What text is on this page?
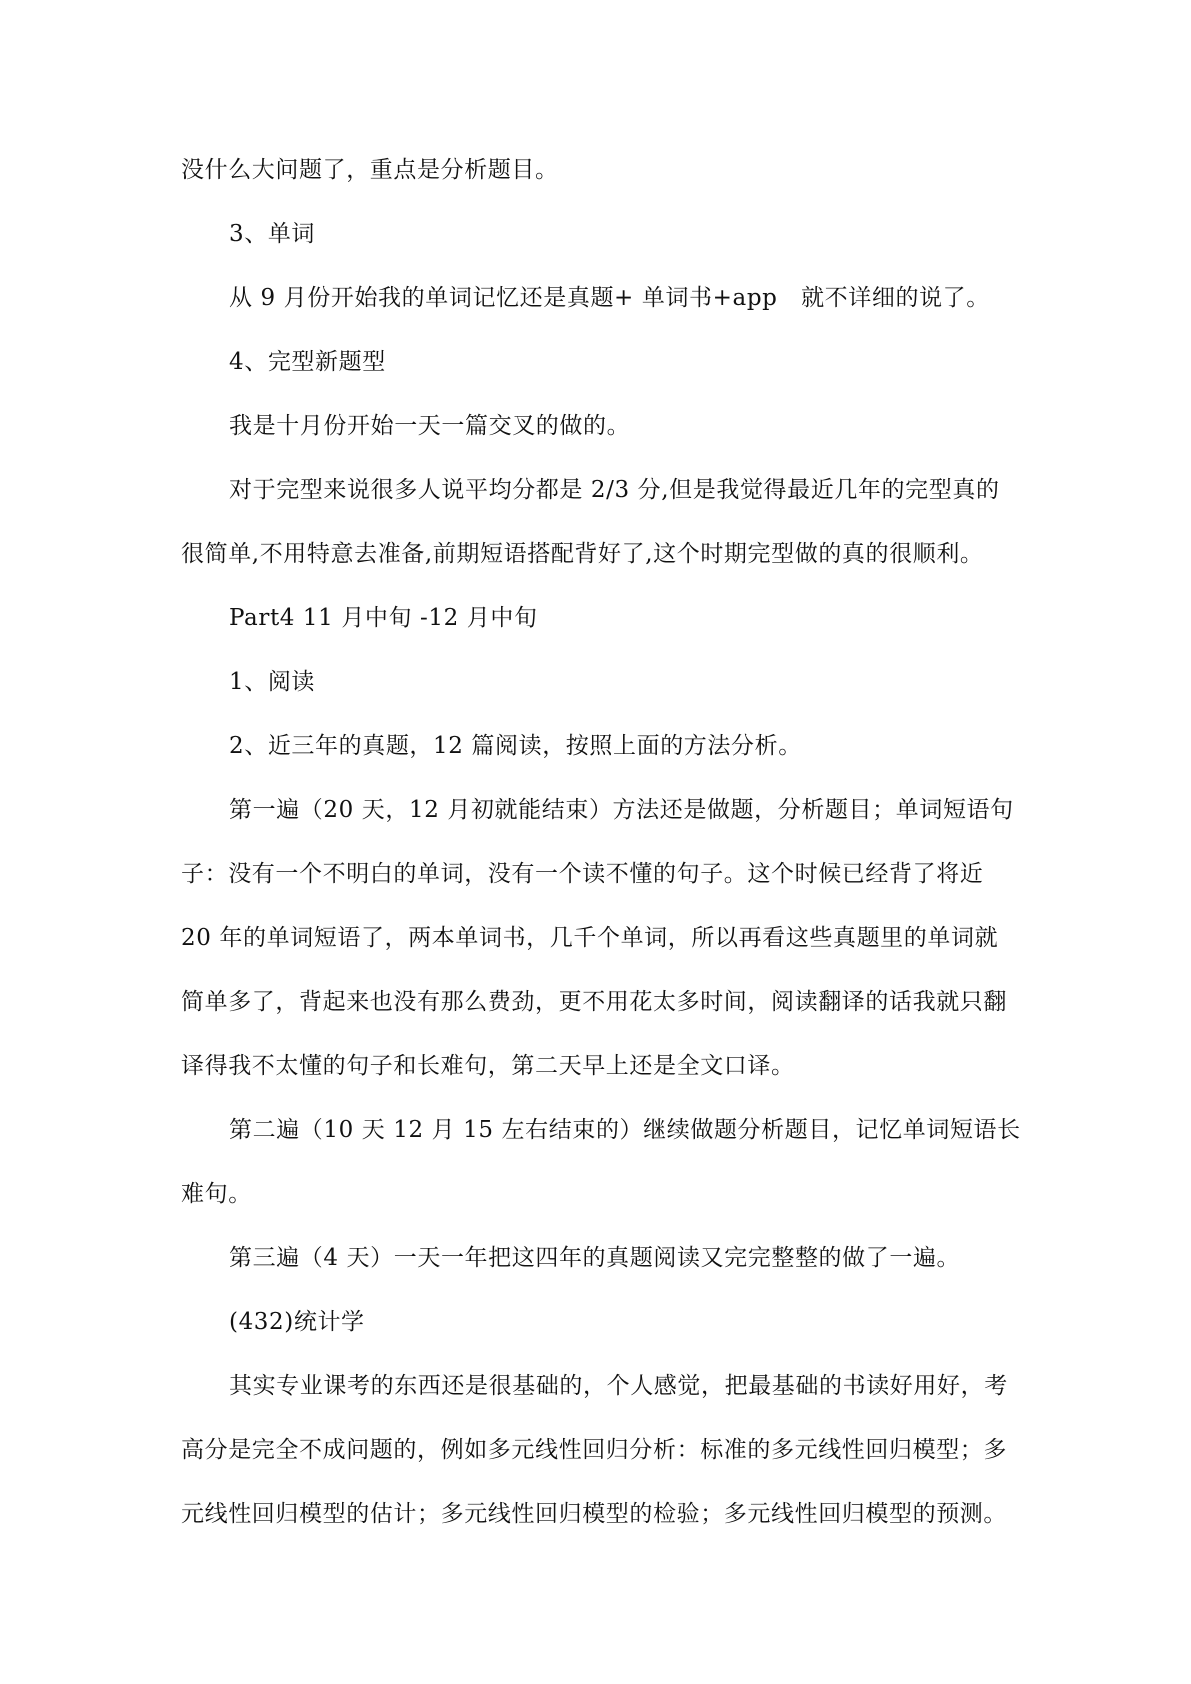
没什么大问题了，重点是分析题目。
3、单词
从 9 月份开始我的单词记忆还是真题+ 单词书+app　就不详细的说了。
4、完型新题型
我是十月份开始一天一篇交叉的做的。
对于完型来说很多人说平均分都是 2/3 分,但是我觉得最近几年的完型真的
很简单,不用特意去准备,前期短语搭配背好了,这个时期完型做的真的很顺利。
Part4 11 月中旬 -12 月中旬
1、阅读
2、近三年的真题，12 篇阅读，按照上面的方法分析。
第一遍（20 天，12 月初就能结束）方法还是做题，分析题目；单词短语句
子：没有一个不明白的单词，没有一个读不懂的句子。这个时候已经背了将近
20 年的单词短语了，两本单词书，几千个单词，所以再看这些真题里的单词就
简单多了，背起来也没有那么费劲，更不用花太多时间，阅读翻译的话我就只翻
译得我不太懂的句子和长难句，第二天早上还是全文口译。
第二遍（10 天 12 月 15 左右结束的）继续做题分析题目，记忆单词短语长
难句。
第三遍（4 天）一天一年把这四年的真题阅读又完完整整的做了一遍。
(432)统计学
其实专业课考的东西还是很基础的，个人感觉，把最基础的书读好用好，考
高分是完全不成问题的，例如多元线性回归分析：标准的多元线性回归模型；多
元线性回归模型的估计；多元线性回归模型的检验；多元线性回归模型的预测。
